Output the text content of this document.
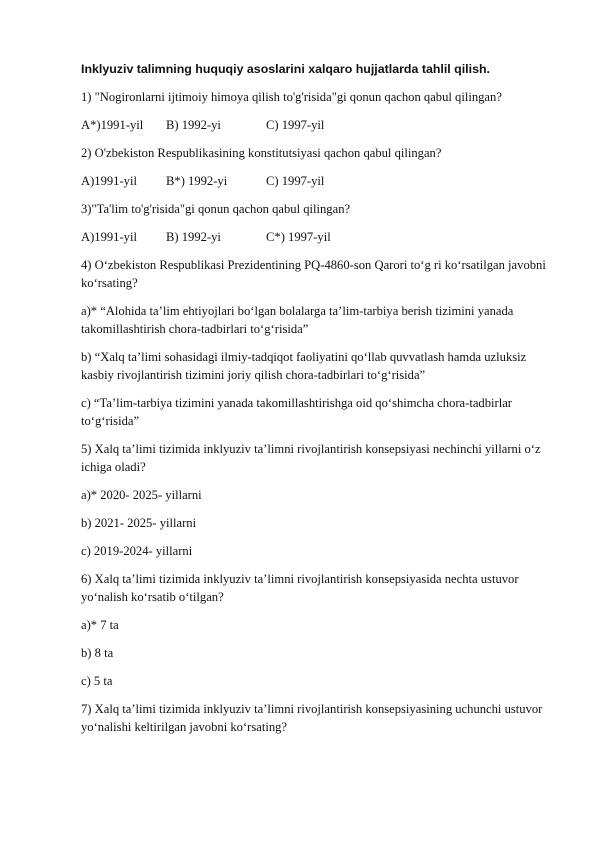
Inklyuziv talimning huquqiy asoslarini xalqaro hujjatlarda tahlil qilish.
1) "Nogironlarni ijtimoiy himoya qilish to'g'risida"gi qonun qachon qabul qilingan?
A*)1991-yil	B) 1992-yi	C) 1997-yil
2) O'zbekiston Respublikasining konstitutsiyasi qachon qabul qilingan?
A)1991-yil	B*) 1992-yi	C) 1997-yil
3)"Ta'lim to'g'risida"gi qonun qachon qabul qilingan?
A)1991-yil	B) 1992-yi	C*) 1997-yil
4) O‘zbekiston Respublikasi Prezidentining PQ-4860-son Qarori to‘g ri ko‘rsatilgan javobni ko‘rsating?
a)* “Alohida ta’lim ehtiyojlari bo‘lgan bolalarga ta’lim-tarbiya berish tizimini yanada takomillashtirish chora-tadbirlari to‘g‘risida”
b) “Xalq ta’limi sohasidagi ilmiy-tadqiqot faoliyatini qo‘llab quvvatlash hamda uzluksiz kasbiy rivojlantirish tizimini joriy qilish chora-tadbirlari to‘g‘risida”
c) “Ta’lim-tarbiya tizimini yanada takomillashtirishga oid qo‘shimcha chora-tadbirlar to‘g‘risida”
5) Xalq ta’limi tizimida inklyuziv ta’limni rivojlantirish konsepsiyasi nechinchi yillarni o‘z ichiga oladi?
a)* 2020- 2025- yillarni
b) 2021- 2025- yillarni
c) 2019-2024- yillarni
6) Xalq ta’limi tizimida inklyuziv ta’limni rivojlantirish konsepsiyasida nechta ustuvor yo‘nalish ko‘rsatib o‘tilgan?
a)* 7 ta
b) 8 ta
c) 5 ta
7) Xalq ta’limi tizimida inklyuziv ta’limni rivojlantirish konsepsiyasining uchunchi ustuvor yo‘nalishi keltirilgan javobni ko‘rsating?
